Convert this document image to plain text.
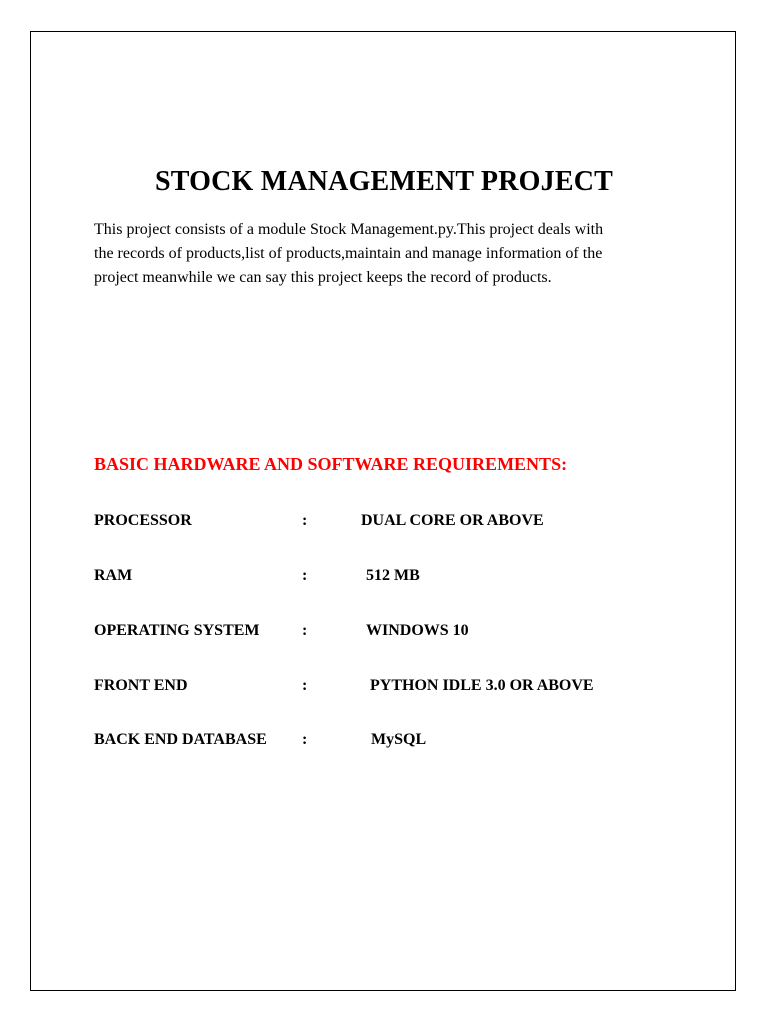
STOCK MANAGEMENT PROJECT
This project consists of a module Stock Management.py.This project deals with
the records of products,list of products,maintain and manage information of the
project meanwhile we can say this project keeps the record of products.
BASIC HARDWARE AND SOFTWARE REQUIREMENTS:
PROCESSOR	:	DUAL CORE OR ABOVE
RAM	:	512 MB
OPERATING SYSTEM	:	WINDOWS 10
FRONT END	:	PYTHON IDLE 3.0 OR ABOVE
BACK END DATABASE :	MySQL
